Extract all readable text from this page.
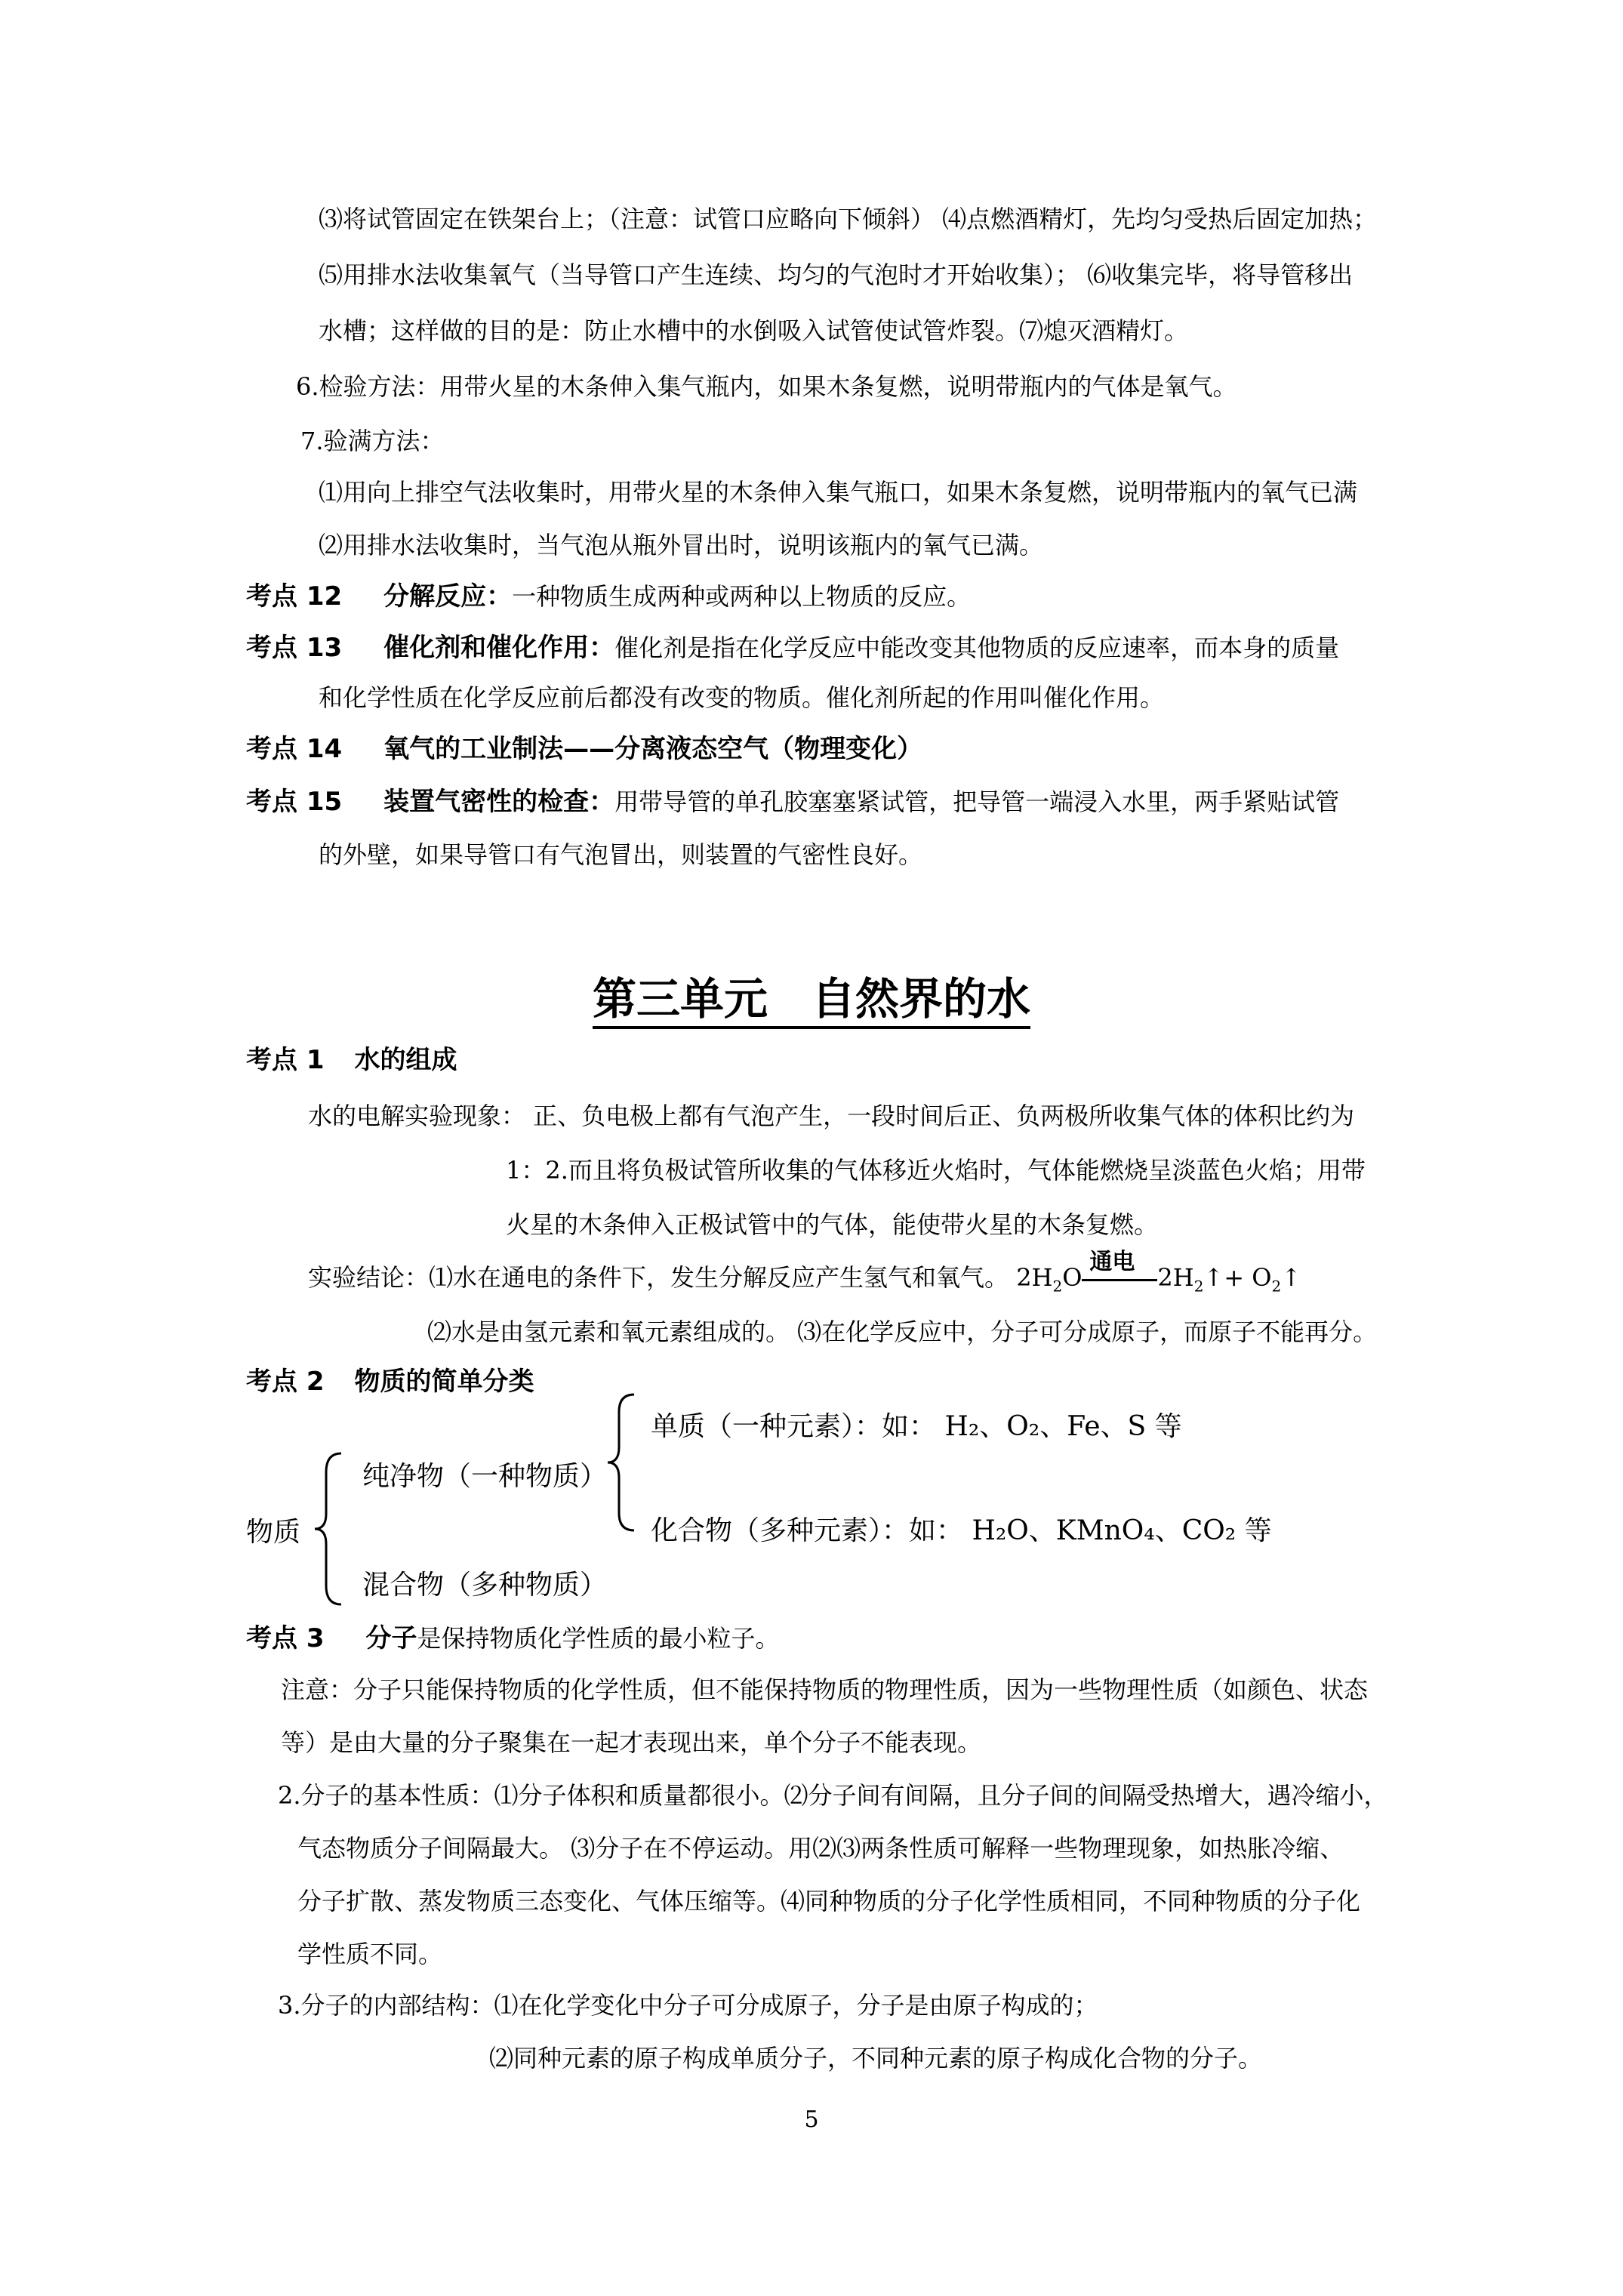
⑶将试管固定在铁架台上；（注意：试管口应略向下倾斜） ⑷点燃酒精灯，先均匀受热后固定加热；
⑸用排水法收集氧气（当导管口产生连续、均匀的气泡时才开始收集）； ⑹收集完毕，将导管移出
水槽；这样做的目的是：防止水槽中的水倒吸入试管使试管炸裂。⑺熄灭酒精灯。
6.检验方法：用带火星的木条伸入集气瓶内，如果木条复燃，说明带瓶内的气体是氧气。
7.验满方法：
⑴用向上排空气法收集时，用带火星的木条伸入集气瓶口，如果木条复燃，说明带瓶内的氧气已满
⑵用排水法收集时，当气泡从瓶外冒出时，说明该瓶内的氧气已满。
考点 12 分解反应：一种物质生成两种或两种以上物质的反应。
考点 13 催化剂和催化作用：催化剂是指在化学反应中能改变其他物质的反应速率，而本身的质量
和化学性质在化学反应前后都没有改变的物质。催化剂所起的作用叫催化作用。
考点 14 氧气的工业制法——分离液态空气（物理变化）
考点 15 装置气密性的检查：用带导管的单孔胶塞塞紧试管，把导管一端浸入水里，两手紧贴试管
的外壁，如果导管口有气泡冒出，则装置的气密性良好。
第三单元　自然界的水
考点 1 水的组成
水的电解实验现象： 正、负电极上都有气泡产生，一段时间后正、负两极所收集气体的体积比约为
1：2.而且将负极试管所收集的气体移近火焰时，气体能燃烧呈淡蓝色火焰；用带
火星的木条伸入正极试管中的气体，能使带火星的木条复燃。
实验结论：⑴水在通电的条件下，发生分解反应产生氢气和氧气。 $2H_2O$
通电
$2H_2↑+$ $O_2↑$
⑵水是由氢元素和氧元素组成的。 ⑶在化学反应中，分子可分成原子，而原子不能再分。
考点 2 物质的简单分类
物质
纯净物（一种物质）
混合物（多种物质）
单质（一种元素）：如： H₂、O₂、Fe、S 等
化合物（多种元素）：如： H₂O、KMnO₄、CO₂ 等
考点 3 分子是保持物质化学性质的最小粒子。
注意：分子只能保持物质的化学性质，但不能保持物质的物理性质，因为一些物理性质（如颜色、状态
等）是由大量的分子聚集在一起才表现出来，单个分子不能表现。
2.分子的基本性质：⑴分子体积和质量都很小。⑵分子间有间隔，且分子间的间隔受热增大，遇冷缩小，
气态物质分子间隔最大。 ⑶分子在不停运动。用⑵⑶两条性质可解释一些物理现象，如热胀冷缩、
分子扩散、蒸发物质三态变化、气体压缩等。⑷同种物质的分子化学性质相同，不同种物质的分子化
学性质不同。
3.分子的内部结构：⑴在化学变化中分子可分成原子，分子是由原子构成的；
⑵同种元素的原子构成单质分子，不同种元素的原子构成化合物的分子。
5
